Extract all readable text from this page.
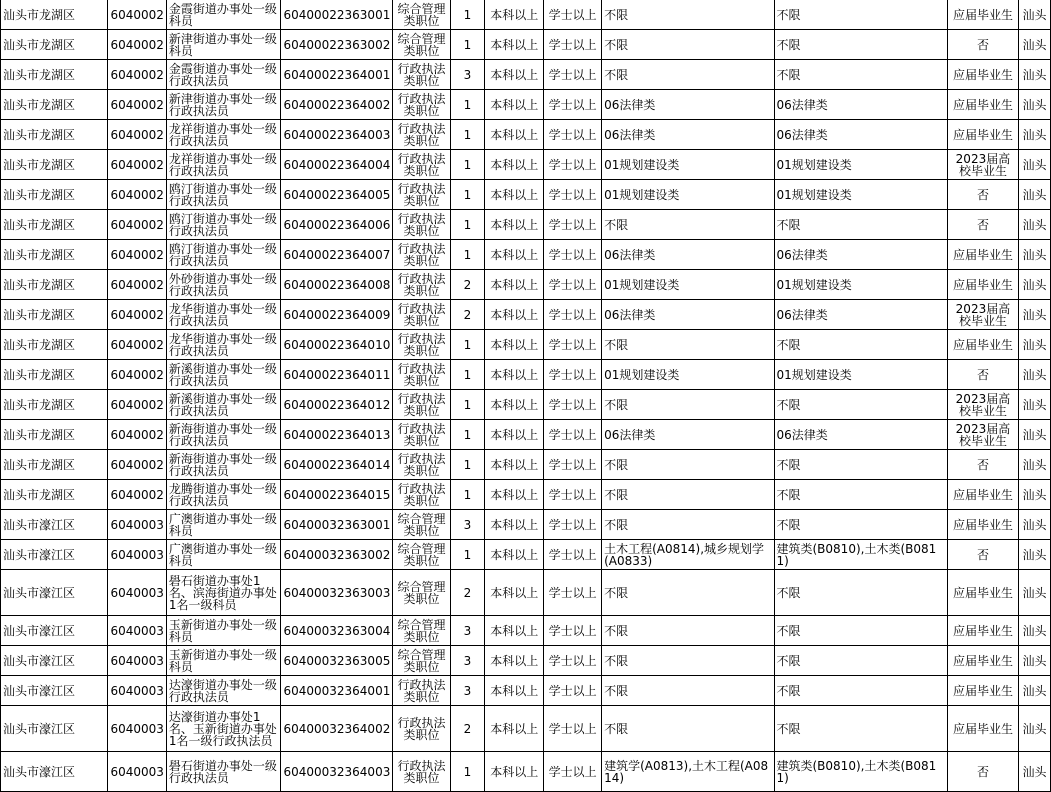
汕头市龙湖区	6040002	金霞街道办事处一级科员	60400022363001	综合管理类职位	1	本科以上	学士以上	不限	不限	应届毕业生	汕头
汕头市龙湖区	6040002	新津街道办事处一级科员	60400022363002	综合管理类职位	1	本科以上	学士以上	不限	不限	否	汕头
汕头市龙湖区	6040002	金霞街道办事处一级行政执法员	60400022364001	行政执法类职位	3	本科以上	学士以上	不限	不限	应届毕业生	汕头
汕头市龙湖区	6040002	新津街道办事处一级行政执法员	60400022364002	行政执法类职位	1	本科以上	学士以上	06法律类	06法律类	应届毕业生	汕头
汕头市龙湖区	6040002	龙祥街道办事处一级行政执法员	60400022364003	行政执法类职位	1	本科以上	学士以上	06法律类	06法律类	应届毕业生	汕头
汕头市龙湖区	6040002	龙祥街道办事处一级行政执法员	60400022364004	行政执法类职位	1	本科以上	学士以上	01规划建设类	01规划建设类	2023届高校毕业生	汕头
汕头市龙湖区	6040002	鸥汀街道办事处一级行政执法员	60400022364005	行政执法类职位	1	本科以上	学士以上	01规划建设类	01规划建设类	否	汕头
汕头市龙湖区	6040002	鸥汀街道办事处一级行政执法员	60400022364006	行政执法类职位	1	本科以上	学士以上	不限	不限	否	汕头
汕头市龙湖区	6040002	鸥汀街道办事处一级行政执法员	60400022364007	行政执法类职位	1	本科以上	学士以上	06法律类	06法律类	应届毕业生	汕头
汕头市龙湖区	6040002	外砂街道办事处一级行政执法员	60400022364008	行政执法类职位	2	本科以上	学士以上	01规划建设类	01规划建设类	应届毕业生	汕头
汕头市龙湖区	6040002	龙华街道办事处一级行政执法员	60400022364009	行政执法类职位	2	本科以上	学士以上	06法律类	06法律类	2023届高校毕业生	汕头
汕头市龙湖区	6040002	龙华街道办事处一级行政执法员	60400022364010	行政执法类职位	1	本科以上	学士以上	不限	不限	应届毕业生	汕头
汕头市龙湖区	6040002	新溪街道办事处一级行政执法员	60400022364011	行政执法类职位	1	本科以上	学士以上	01规划建设类	01规划建设类	否	汕头
汕头市龙湖区	6040002	新溪街道办事处一级行政执法员	60400022364012	行政执法类职位	1	本科以上	学士以上	不限	不限	2023届高校毕业生	汕头
汕头市龙湖区	6040002	新海街道办事处一级行政执法员	60400022364013	行政执法类职位	1	本科以上	学士以上	06法律类	06法律类	2023届高校毕业生	汕头
汕头市龙湖区	6040002	新海街道办事处一级行政执法员	60400022364014	行政执法类职位	1	本科以上	学士以上	不限	不限	否	汕头
汕头市龙湖区	6040002	龙腾街道办事处一级行政执法员	60400022364015	行政执法类职位	1	本科以上	学士以上	不限	不限	应届毕业生	汕头
汕头市濠江区	6040003	广澳街道办事处一级科员	60400032363001	综合管理类职位	3	本科以上	学士以上	不限	不限	应届毕业生	汕头
汕头市濠江区	6040003	广澳街道办事处一级科员	60400032363002	综合管理类职位	1	本科以上	学士以上	土木工程(A0814),城乡规划学(A0833)	建筑类(B0810),土木类(B0811)	否	汕头
汕头市濠江区	6040003	礐石街道办事处1名、滨海街道办事处1名一级科员	60400032363003	综合管理类职位	2	本科以上	学士以上	不限	不限	应届毕业生	汕头
汕头市濠江区	6040003	玉新街道办事处一级科员	60400032363004	综合管理类职位	3	本科以上	学士以上	不限	不限	应届毕业生	汕头
汕头市濠江区	6040003	玉新街道办事处一级科员	60400032363005	综合管理类职位	3	本科以上	学士以上	不限	不限	应届毕业生	汕头
汕头市濠江区	6040003	达濠街道办事处一级行政执法员	60400032364001	行政执法类职位	3	本科以上	学士以上	不限	不限	应届毕业生	汕头
汕头市濠江区	6040003	达濠街道办事处1名、玉新街道办事处1名一级行政执法员	60400032364002	行政执法类职位	2	本科以上	学士以上	不限	不限	应届毕业生	汕头
汕头市濠江区	6040003	礐石街道办事处一级行政执法员	60400032364003	行政执法类职位	1	本科以上	学士以上	建筑学(A0813),土木工程(A0814)	建筑类(B0810),土木类(B0811)	否	汕头
